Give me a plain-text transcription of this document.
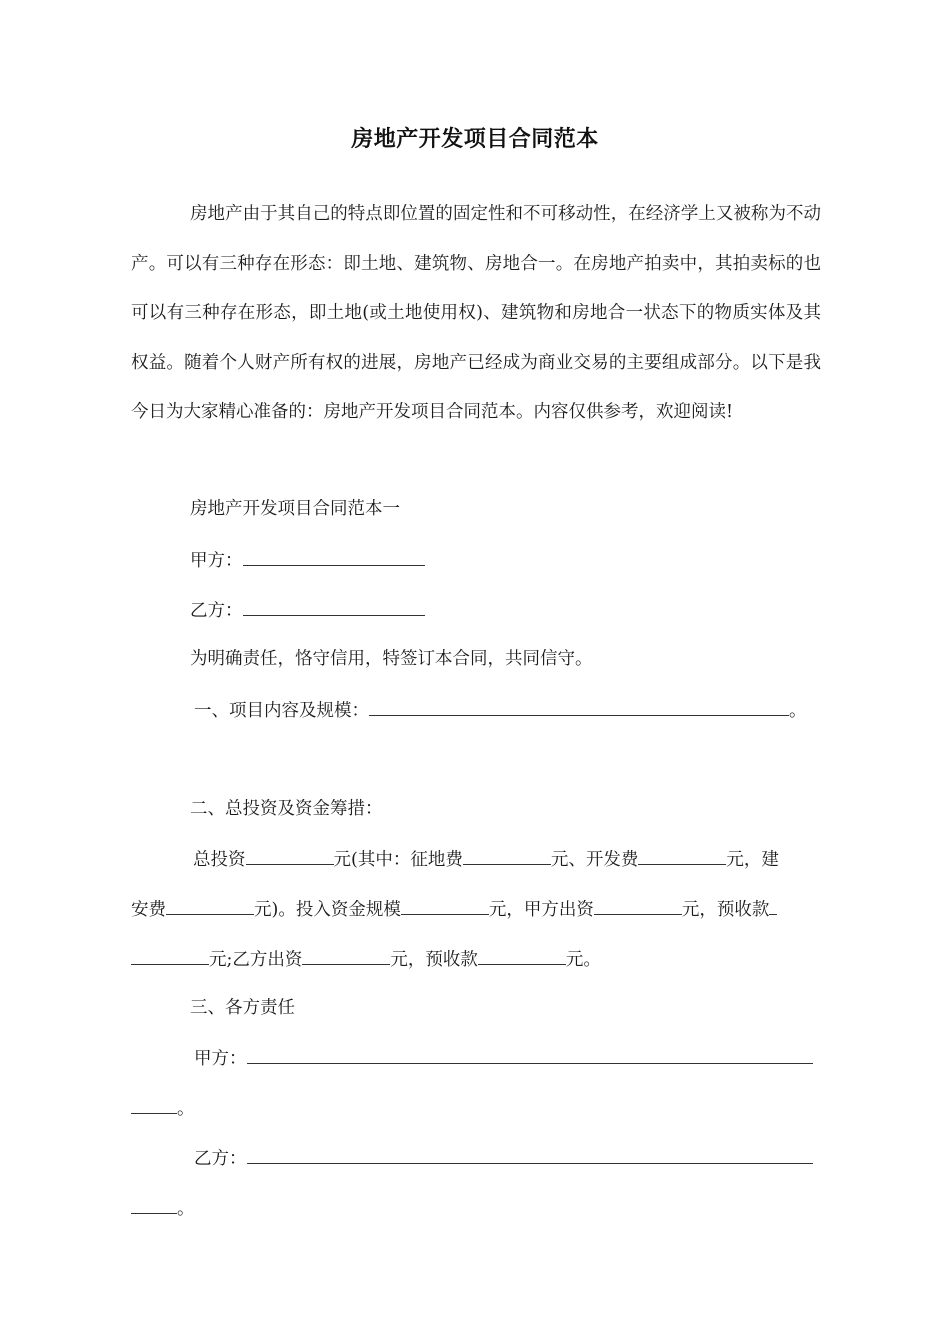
房地产开发项目合同范本

房地产由于其自己的特点即位置的固定性和不可移动性，在经济学上又被称为不动产。可以有三种存在形态：即土地、建筑物、房地合一。在房地产拍卖中，其拍卖标的也可以有三种存在形态，即土地(或土地使用权)、建筑物和房地合一状态下的物质实体及其权益。随着个人财产所有权的进展，房地产已经成为商业交易的主要组成部分。以下是我今日为大家精心准备的：房地产开发项目合同范本。内容仅供参考，欢迎阅读!

房地产开发项目合同范本一
甲方：
乙方：
为明确责任，恪守信用，特签订本合同，共同信守。
一、项目内容及规模：	。
二、总投资及资金筹措：
总投资	元(其中：征地费	元、开发费	元，建
安费	元)。投入资金规模	元，甲方出资	元，预收款
元;乙方出资	元，预收款	元。
三、各方责任
甲方：
。
乙方：
。
